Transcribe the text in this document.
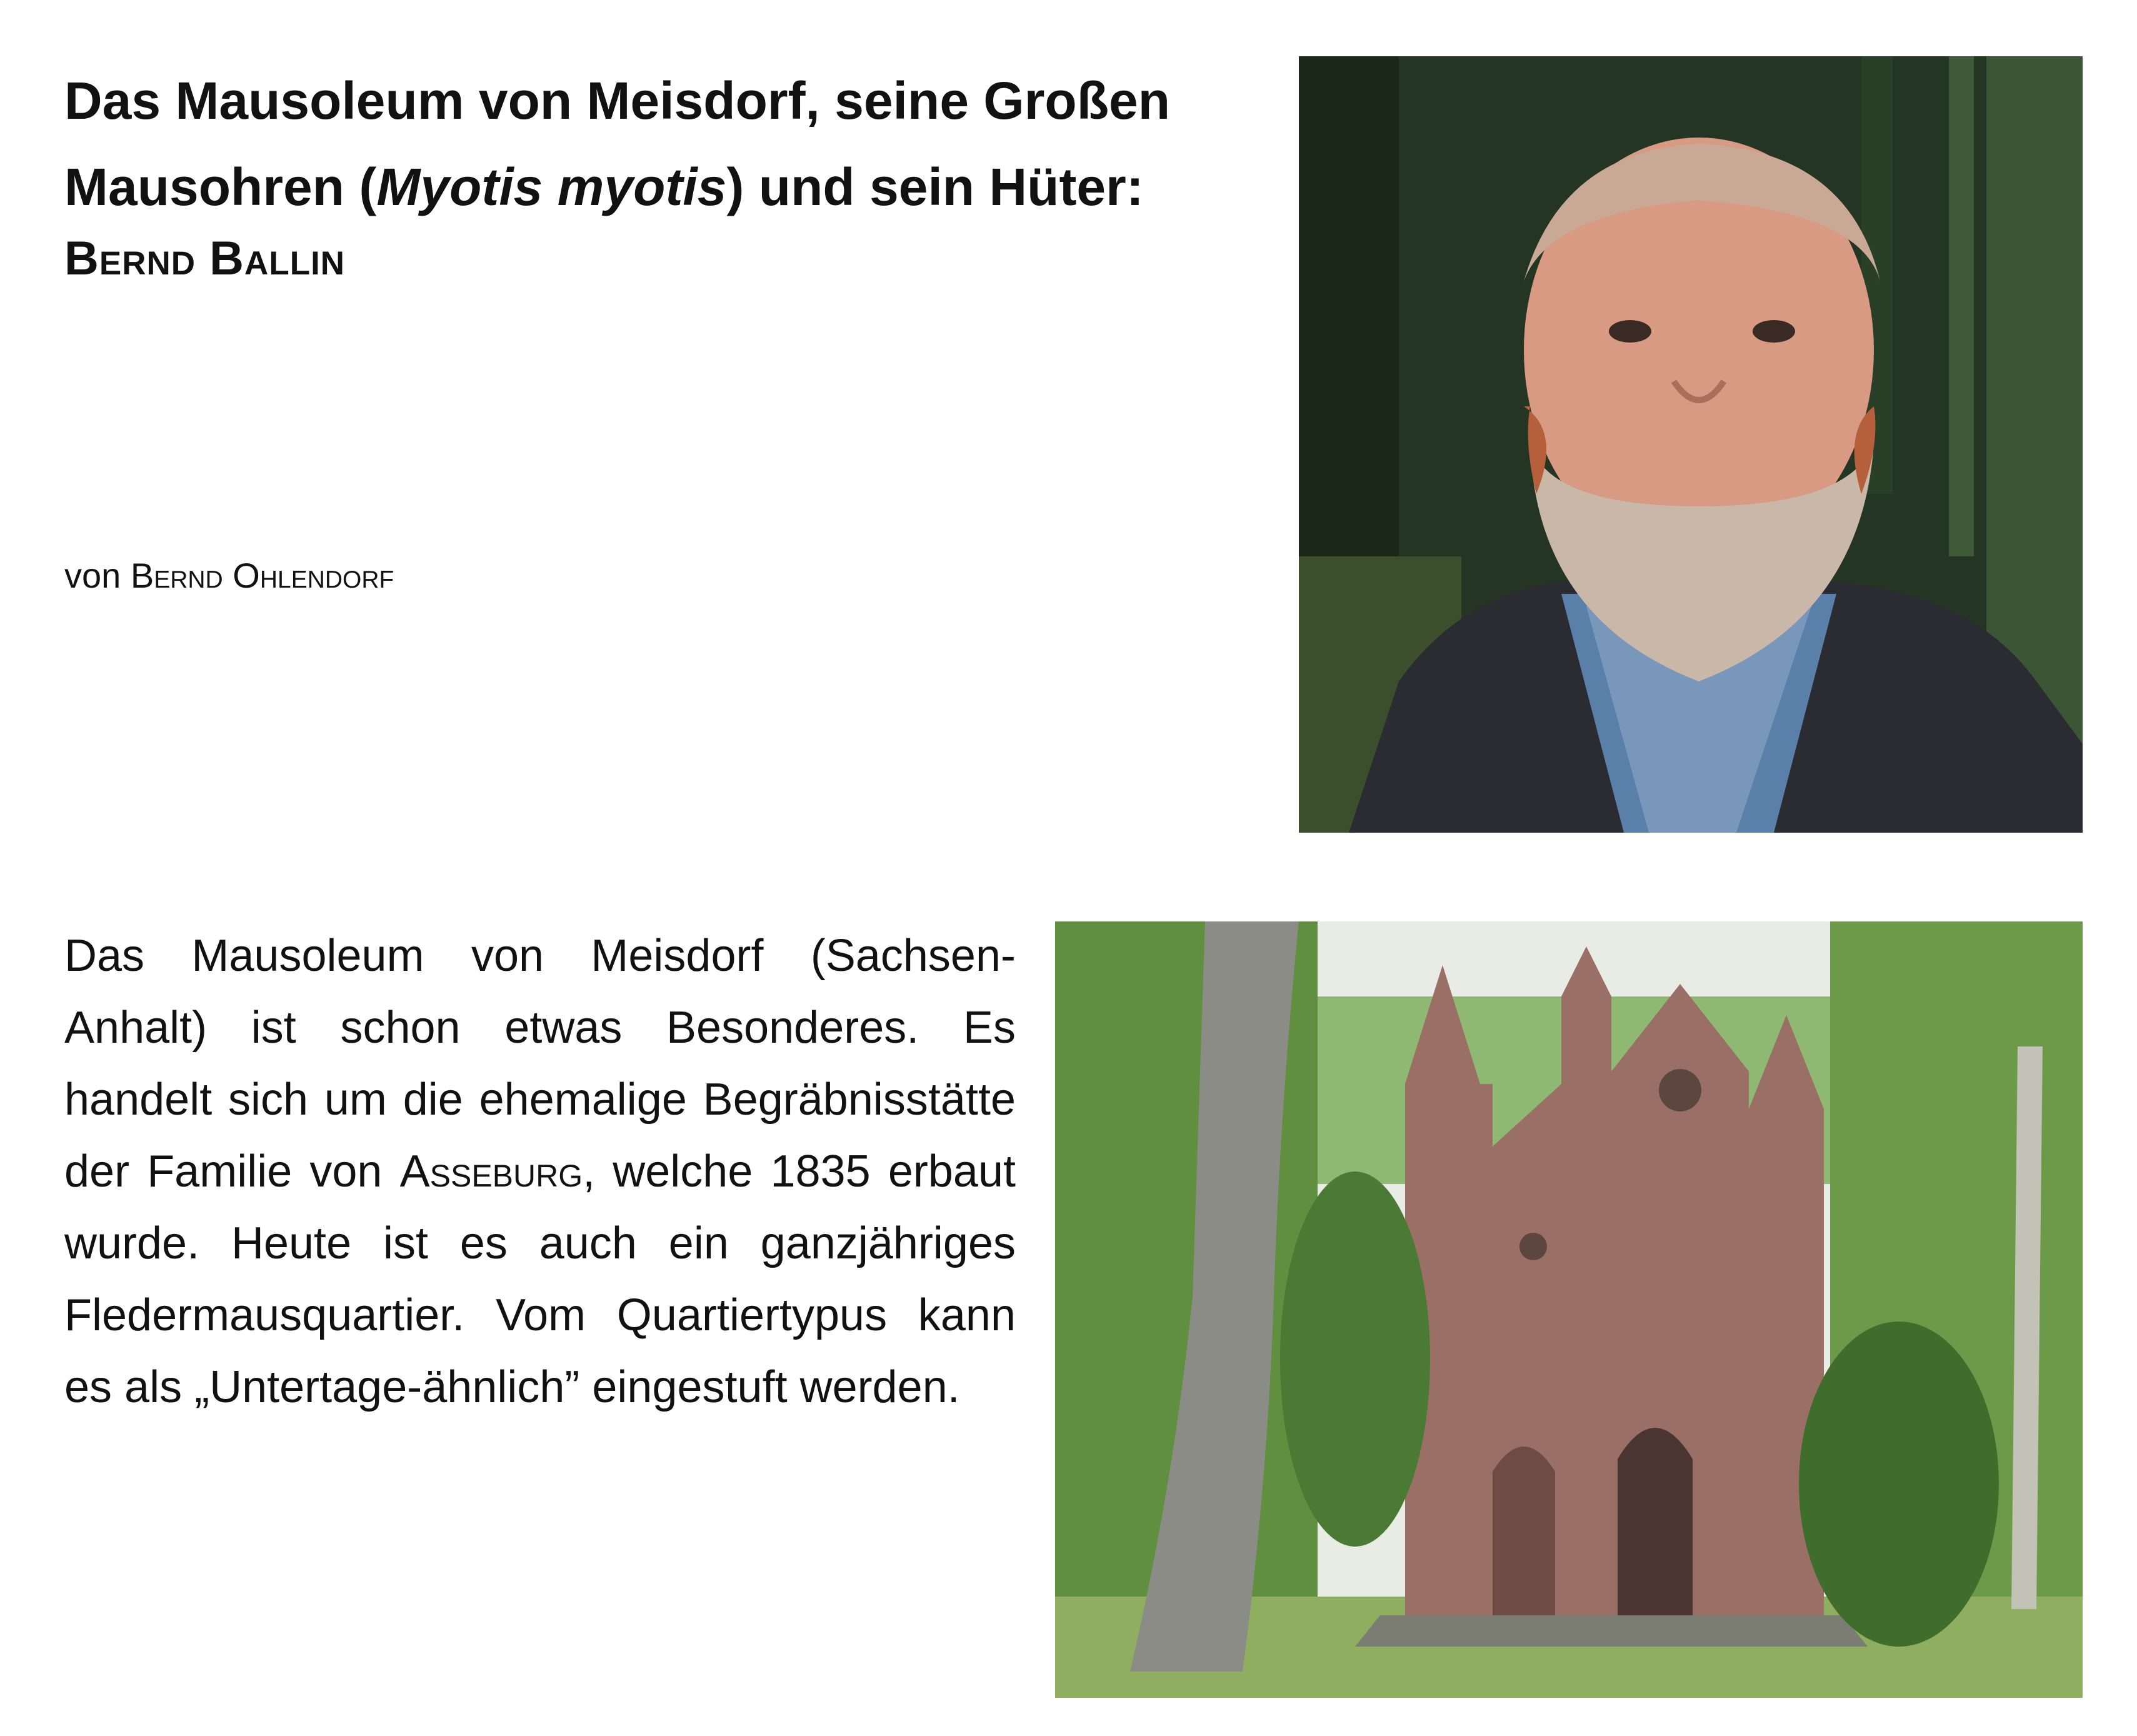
Das Mausoleum von Meisdorf, seine Großen

Mausohren (Myotis myotis) und sein Hüter:

Bernd Ballin

von Bernd Ohlendorf

Das Mausoleum von Meisdorf (Sachsen-Anhalt) ist schon etwas Besonderes. Es handelt sich um die ehemalige Begräbnisstätte der Familie von Asseburg, welche 1835 erbaut wurde. Heute ist es auch ein ganzjähriges Fledermausquartier. Vom Quartiertypus kann es als „Untertage-ähnlich” eingestuft werden.
